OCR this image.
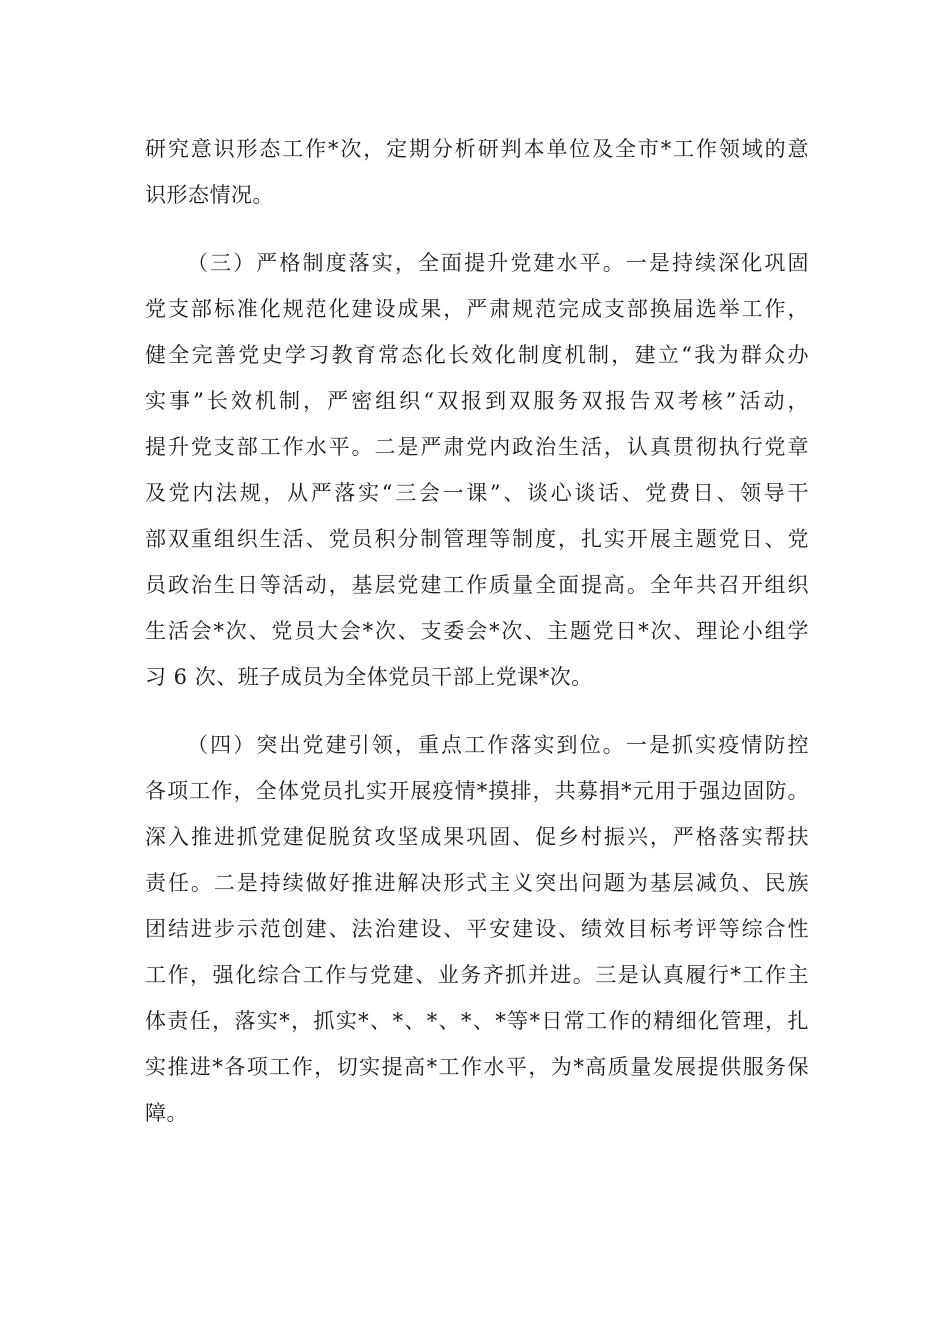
研究意识形态工作*次，定期分析研判本单位及全市*工作领域的意
识形态情况。
（三）严格制度落实，全面提升党建水平。一是持续深化巩固
党支部标准化规范化建设成果，严肃规范完成支部换届选举工作，
健全完善党史学习教育常态化长效化制度机制，建立“我为群众办
实事”长效机制，严密组织“双报到双服务双报告双考核”活动，
提升党支部工作水平。二是严肃党内政治生活，认真贯彻执行党章
及党内法规，从严落实“三会一课”、谈心谈话、党费日、领导干
部双重组织生活、党员积分制管理等制度，扎实开展主题党日、党
员政治生日等活动，基层党建工作质量全面提高。全年共召开组织
生活会*次、党员大会*次、支委会*次、主题党日*次、理论小组学
习 6 次、班子成员为全体党员干部上党课*次。
（四）突出党建引领，重点工作落实到位。一是抓实疫情防控
各项工作，全体党员扎实开展疫情*摸排，共募捐*元用于强边固防。
深入推进抓党建促脱贫攻坚成果巩固、促乡村振兴，严格落实帮扶
责任。二是持续做好推进解决形式主义突出问题为基层减负、民族
团结进步示范创建、法治建设、平安建设、绩效目标考评等综合性
工作，强化综合工作与党建、业务齐抓并进。三是认真履行*工作主
体责任，落实*，抓实*、*、*、*、*等*日常工作的精细化管理，扎
实推进*各项工作，切实提高*工作水平，为*高质量发展提供服务保
障。
